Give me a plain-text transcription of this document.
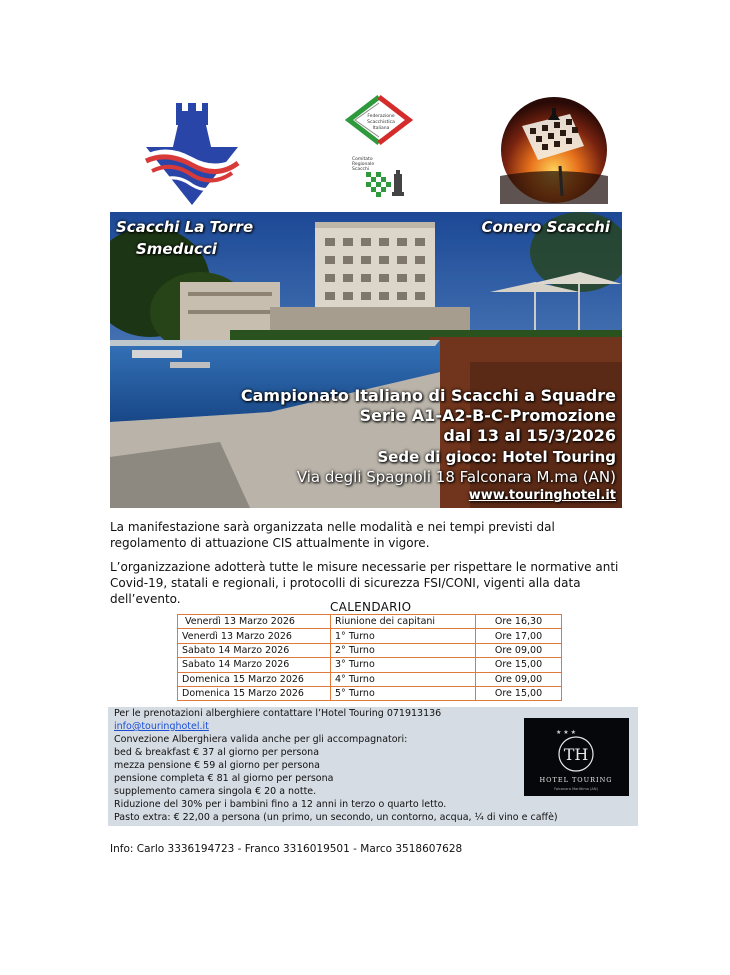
Federazione
Scacchistica
Italiana
Comitato
Regionale
Scacchi
Scacchi La Torre
Smeducci
Conero Scacchi
Campionato Italiano di Scacchi a Squadre
Serie A1-A2-B-C-Promozione
dal 13 al 15/3/2026
Sede di gioco: Hotel Touring
Via degli Spagnoli 18 Falconara M.ma (AN)
www.touringhotel.it
La manifestazione sarà organizzata nelle modalità e nei tempi previsti dal regolamento di attuazione CIS attualmente in vigore.
L’organizzazione adotterà tutte le misure necessarie per rispettare le normative anti Covid-19, statali e regionali, i protocolli di sicurezza FSI/CONI, vigenti alla data dell’evento.
CALENDARIO
Venerdì 13 Marzo 2026	Riunione dei capitani	Ore 16,30
Venerdì 13 Marzo 2026	1° Turno	Ore 17,00
Sabato 14 Marzo 2026	2° Turno	Ore 09,00
Sabato 14 Marzo 2026	3° Turno	Ore 15,00
Domenica 15 Marzo 2026	4° Turno	Ore 09,00
Domenica 15 Marzo 2026	5° Turno	Ore 15,00
Per le prenotazioni alberghiere contattare l’Hotel Touring 071913136
info@touringhotel.it
Convezione Alberghiera valida anche per gli accompagnatori:
bed & breakfast € 37 al giorno per persona
mezza pensione € 59 al giorno per persona
pensione completa € 81 al giorno per persona
supplemento camera singola € 20 a notte.
Riduzione del 30% per i bambini fino a 12 anni in terzo o quarto letto.
Pasto extra: € 22,00 a persona (un primo, un secondo, un contorno, acqua, ¼ di vino e caffè)
★ ★ ★
TH
HOTEL TOURING
Falconara Marittima (AN)
Info: Carlo 3336194723 - Franco 3316019501 - Marco 3518607628
